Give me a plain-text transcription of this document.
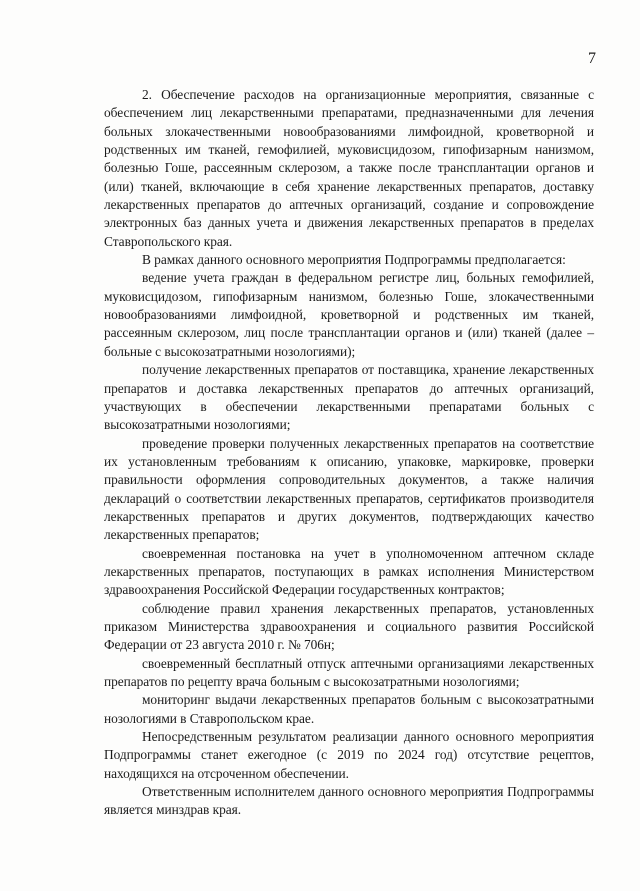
7

2. Обеспечение расходов на организационные мероприятия, связанные с обеспечением лиц лекарственными препаратами, предназначенными для лечения больных злокачественными новообразованиями лимфоидной, кроветворной и родственных им тканей, гемофилией, муковисцидозом, гипофизарным нанизмом, болезнью Гоше, рассеянным склерозом, а также после трансплантации органов и (или) тканей, включающие в себя хранение лекарственных препаратов, доставку лекарственных препаратов до аптечных организаций, создание и сопровождение электронных баз данных учета и движения лекарственных препаратов в пределах Ставропольского края.

В рамках данного основного мероприятия Подпрограммы предполагается:

ведение учета граждан в федеральном регистре лиц, больных гемофилией, муковисцидозом, гипофизарным нанизмом, болезнью Гоше, злокачественными новообразованиями лимфоидной, кроветворной и родственных им тканей, рассеянным склерозом, лиц после трансплантации органов и (или) тканей (далее – больные с высокозатратными нозологиями);

получение лекарственных препаратов от поставщика, хранение лекарственных препаратов и доставка лекарственных препаратов до аптечных организаций, участвующих в обеспечении лекарственными препаратами больных с высокозатратными нозологиями;

проведение проверки полученных лекарственных препаратов на соответствие их установленным требованиям к описанию, упаковке, маркировке, проверки правильности оформления сопроводительных документов, а также наличия деклараций о соответствии лекарственных препаратов, сертификатов производителя лекарственных препаратов и других документов, подтверждающих качество лекарственных препаратов;

своевременная постановка на учет в уполномоченном аптечном складе лекарственных препаратов, поступающих в рамках исполнения Министерством здравоохранения Российской Федерации государственных контрактов;

соблюдение правил хранения лекарственных препаратов, установленных приказом Министерства здравоохранения и социального развития Российской Федерации от 23 августа 2010 г. № 706н;

своевременный бесплатный отпуск аптечными организациями лекарственных препаратов по рецепту врача больным с высокозатратными нозологиями;

мониторинг выдачи лекарственных препаратов больным с высокозатратными нозологиями в Ставропольском крае.

Непосредственным результатом реализации данного основного мероприятия Подпрограммы станет ежегодное (с 2019 по 2024 год) отсутствие рецептов, находящихся на отсроченном обеспечении.

Ответственным исполнителем данного основного мероприятия Подпрограммы является минздрав края.
